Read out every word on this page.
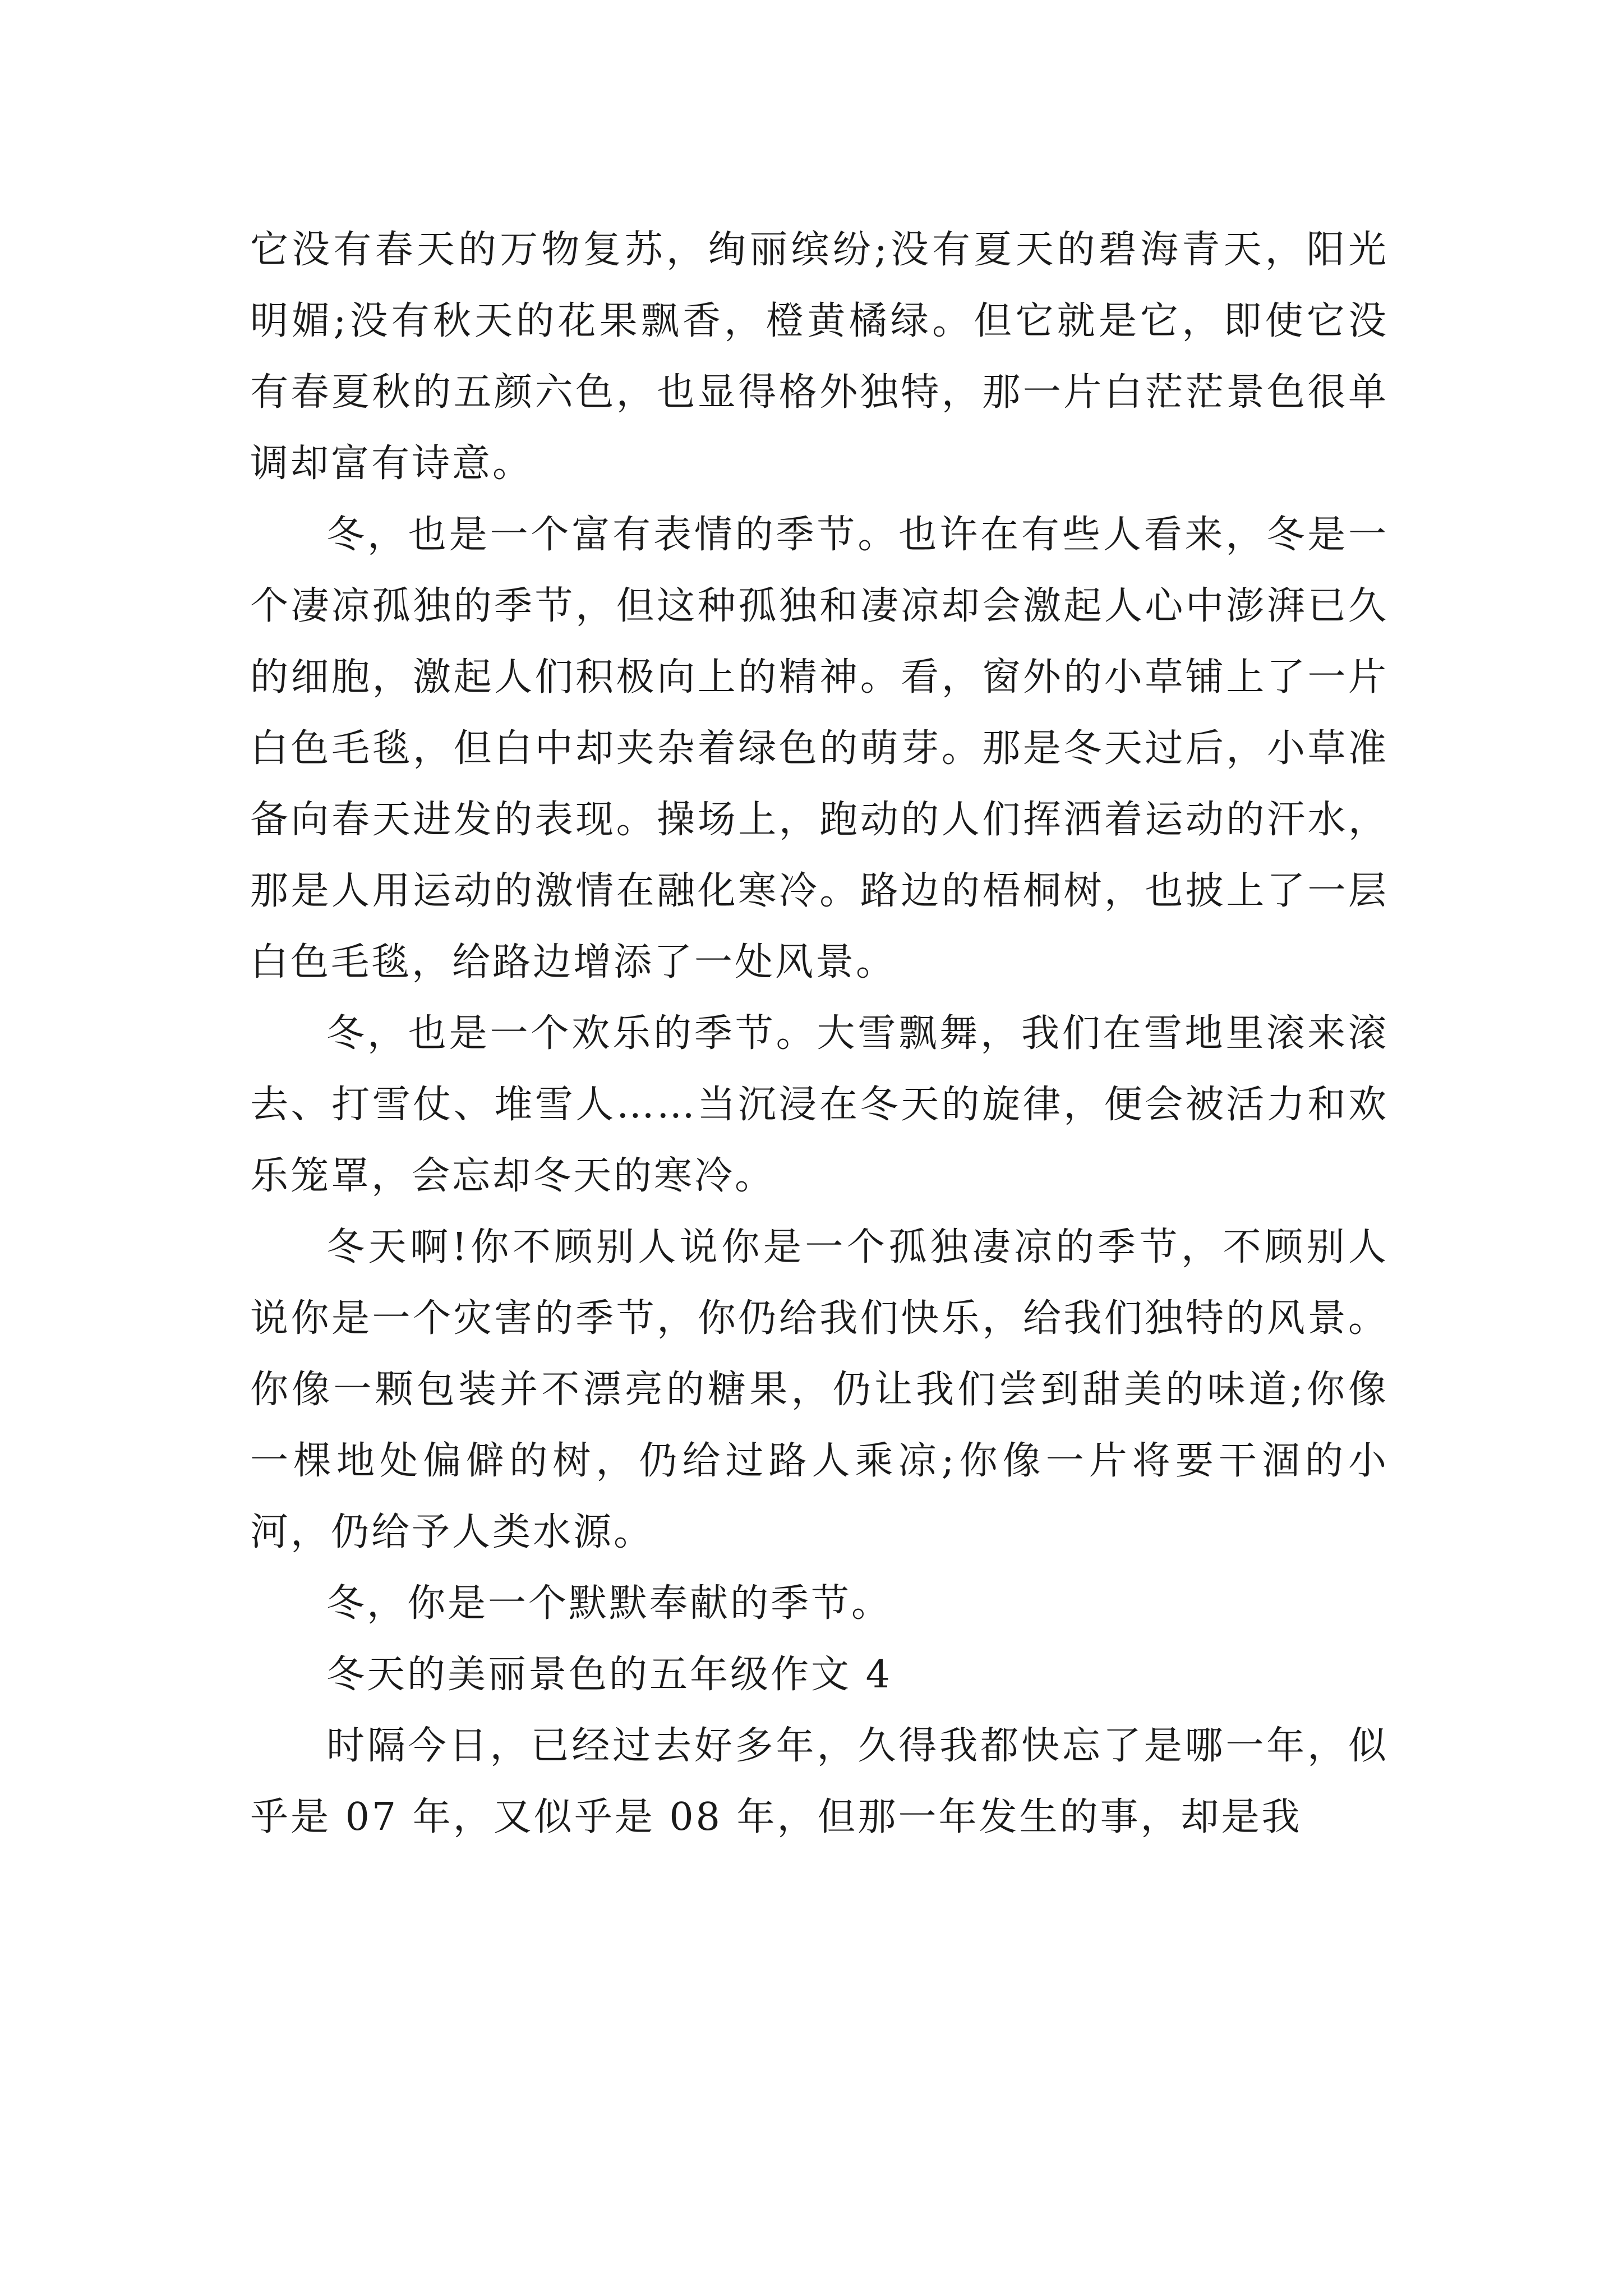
它没有春天的万物复苏，绚丽缤纷;没有夏天的碧海青天，阳光明媚;没有秋天的花果飘香，橙黄橘绿。但它就是它，即使它没有春夏秋的五颜六色，也显得格外独特，那一片白茫茫景色很单调却富有诗意。

冬，也是一个富有表情的季节。也许在有些人看来，冬是一个凄凉孤独的季节，但这种孤独和凄凉却会激起人心中澎湃已久的细胞，激起人们积极向上的精神。看，窗外的小草铺上了一片白色毛毯，但白中却夹杂着绿色的萌芽。那是冬天过后，小草准备向春天进发的表现。操场上，跑动的人们挥洒着运动的汗水，那是人用运动的激情在融化寒冷。路边的梧桐树，也披上了一层白色毛毯，给路边增添了一处风景。

冬，也是一个欢乐的季节。大雪飘舞，我们在雪地里滚来滚去、打雪仗、堆雪人……当沉浸在冬天的旋律，便会被活力和欢乐笼罩，会忘却冬天的寒冷。

冬天啊!你不顾别人说你是一个孤独凄凉的季节，不顾别人说你是一个灾害的季节，你仍给我们快乐，给我们独特的风景。你像一颗包装并不漂亮的糖果，仍让我们尝到甜美的味道;你像一棵地处偏僻的树，仍给过路人乘凉;你像一片将要干涸的小河，仍给予人类水源。

冬，你是一个默默奉献的季节。

冬天的美丽景色的五年级作文 4

时隔今日，已经过去好多年，久得我都快忘了是哪一年，似乎是 07 年，又似乎是 08 年，但那一年发生的事，却是我
